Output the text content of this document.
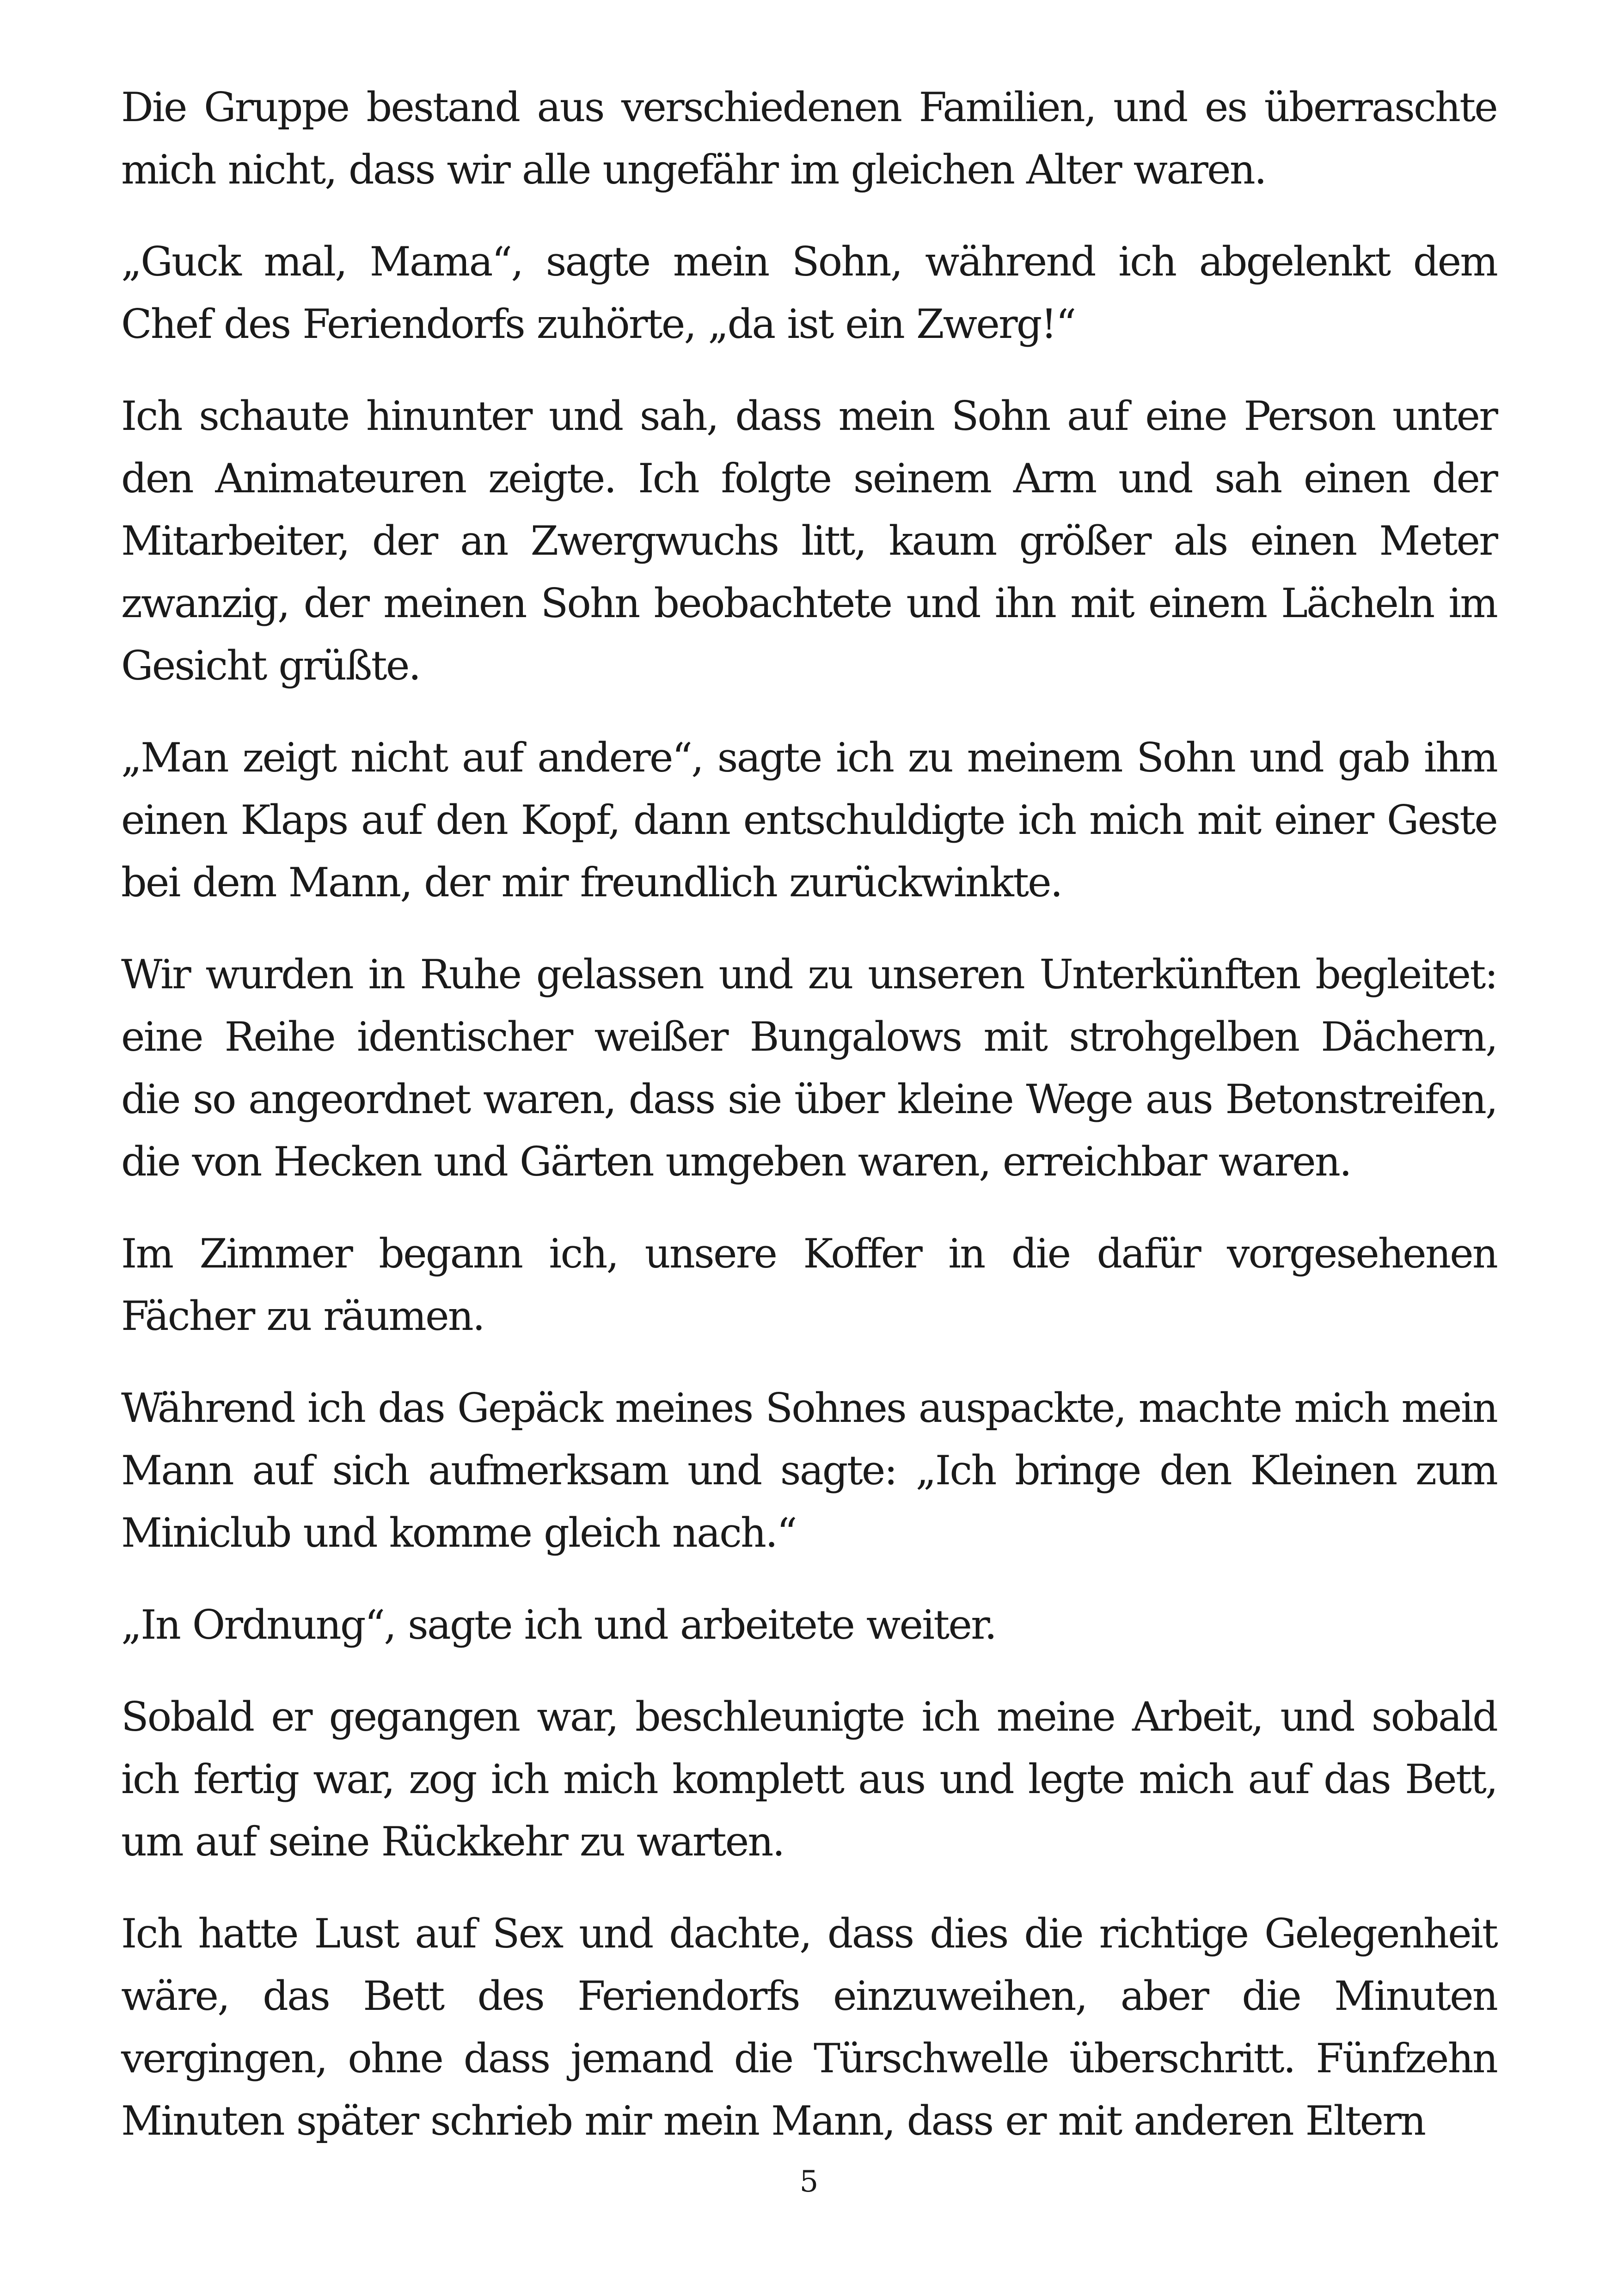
Die Gruppe bestand aus verschiedenen Familien, und es überraschte mich nicht, dass wir alle ungefähr im gleichen Alter waren.

„Guck mal, Mama“, sagte mein Sohn, während ich abgelenkt dem Chef des Feriendorfs zuhörte, „da ist ein Zwerg!“

Ich schaute hinunter und sah, dass mein Sohn auf eine Person unter den Animateuren zeigte. Ich folgte seinem Arm und sah einen der Mitarbeiter, der an Zwergwuchs litt, kaum größer als einen Meter zwanzig, der meinen Sohn beobachtete und ihn mit einem Lächeln im Gesicht grüßte.

„Man zeigt nicht auf andere“, sagte ich zu meinem Sohn und gab ihm einen Klaps auf den Kopf, dann entschuldigte ich mich mit einer Geste bei dem Mann, der mir freundlich zurückwinkte.

Wir wurden in Ruhe gelassen und zu unseren Unterkünften begleitet: eine Reihe identischer weißer Bungalows mit strohgelben Dächern, die so angeordnet waren, dass sie über kleine Wege aus Betonstreifen, die von Hecken und Gärten umgeben waren, erreichbar waren.

Im Zimmer begann ich, unsere Koffer in die dafür vorgesehenen Fächer zu räumen.

Während ich das Gepäck meines Sohnes auspackte, machte mich mein Mann auf sich aufmerksam und sagte: „Ich bringe den Kleinen zum Miniclub und komme gleich nach.“

„In Ordnung“, sagte ich und arbeitete weiter.

Sobald er gegangen war, beschleunigte ich meine Arbeit, und sobald ich fertig war, zog ich mich komplett aus und legte mich auf das Bett, um auf seine Rückkehr zu warten.

Ich hatte Lust auf Sex und dachte, dass dies die richtige Gelegenheit wäre, das Bett des Feriendorfs einzuweihen, aber die Minuten vergingen, ohne dass jemand die Türschwelle überschritt. Fünfzehn Minuten später schrieb mir mein Mann, dass er mit anderen Eltern

5
